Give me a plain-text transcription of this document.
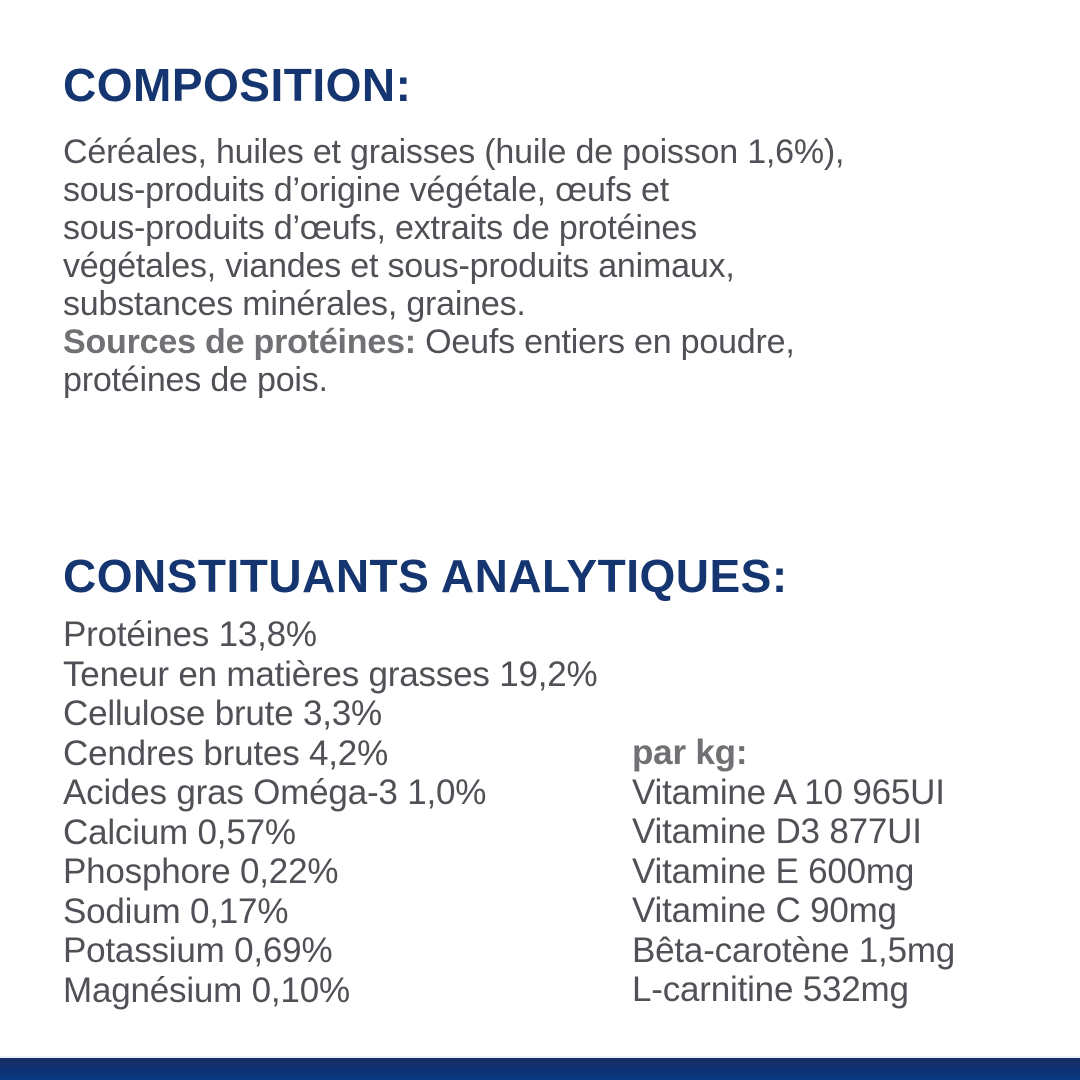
COMPOSITION:
Céréales, huiles et graisses (huile de poisson 1,6%),
sous-produits d’origine végétale, œufs et
sous-produits d’œufs, extraits de protéines
végétales, viandes et sous-produits animaux,
substances minérales, graines.
Sources de protéines: Oeufs entiers en poudre,
protéines de pois.
CONSTITUANTS ANALYTIQUES:
Protéines 13,8%
Teneur en matières grasses 19,2%
Cellulose brute 3,3%
Cendres brutes 4,2%
Acides gras Oméga-3 1,0%
Calcium 0,57%
Phosphore 0,22%
Sodium 0,17%
Potassium 0,69%
Magnésium 0,10%
par kg:
Vitamine A 10 965UI
Vitamine D3 877UI
Vitamine E 600mg
Vitamine C 90mg
Bêta-carotène 1,5mg
L-carnitine 532mg
